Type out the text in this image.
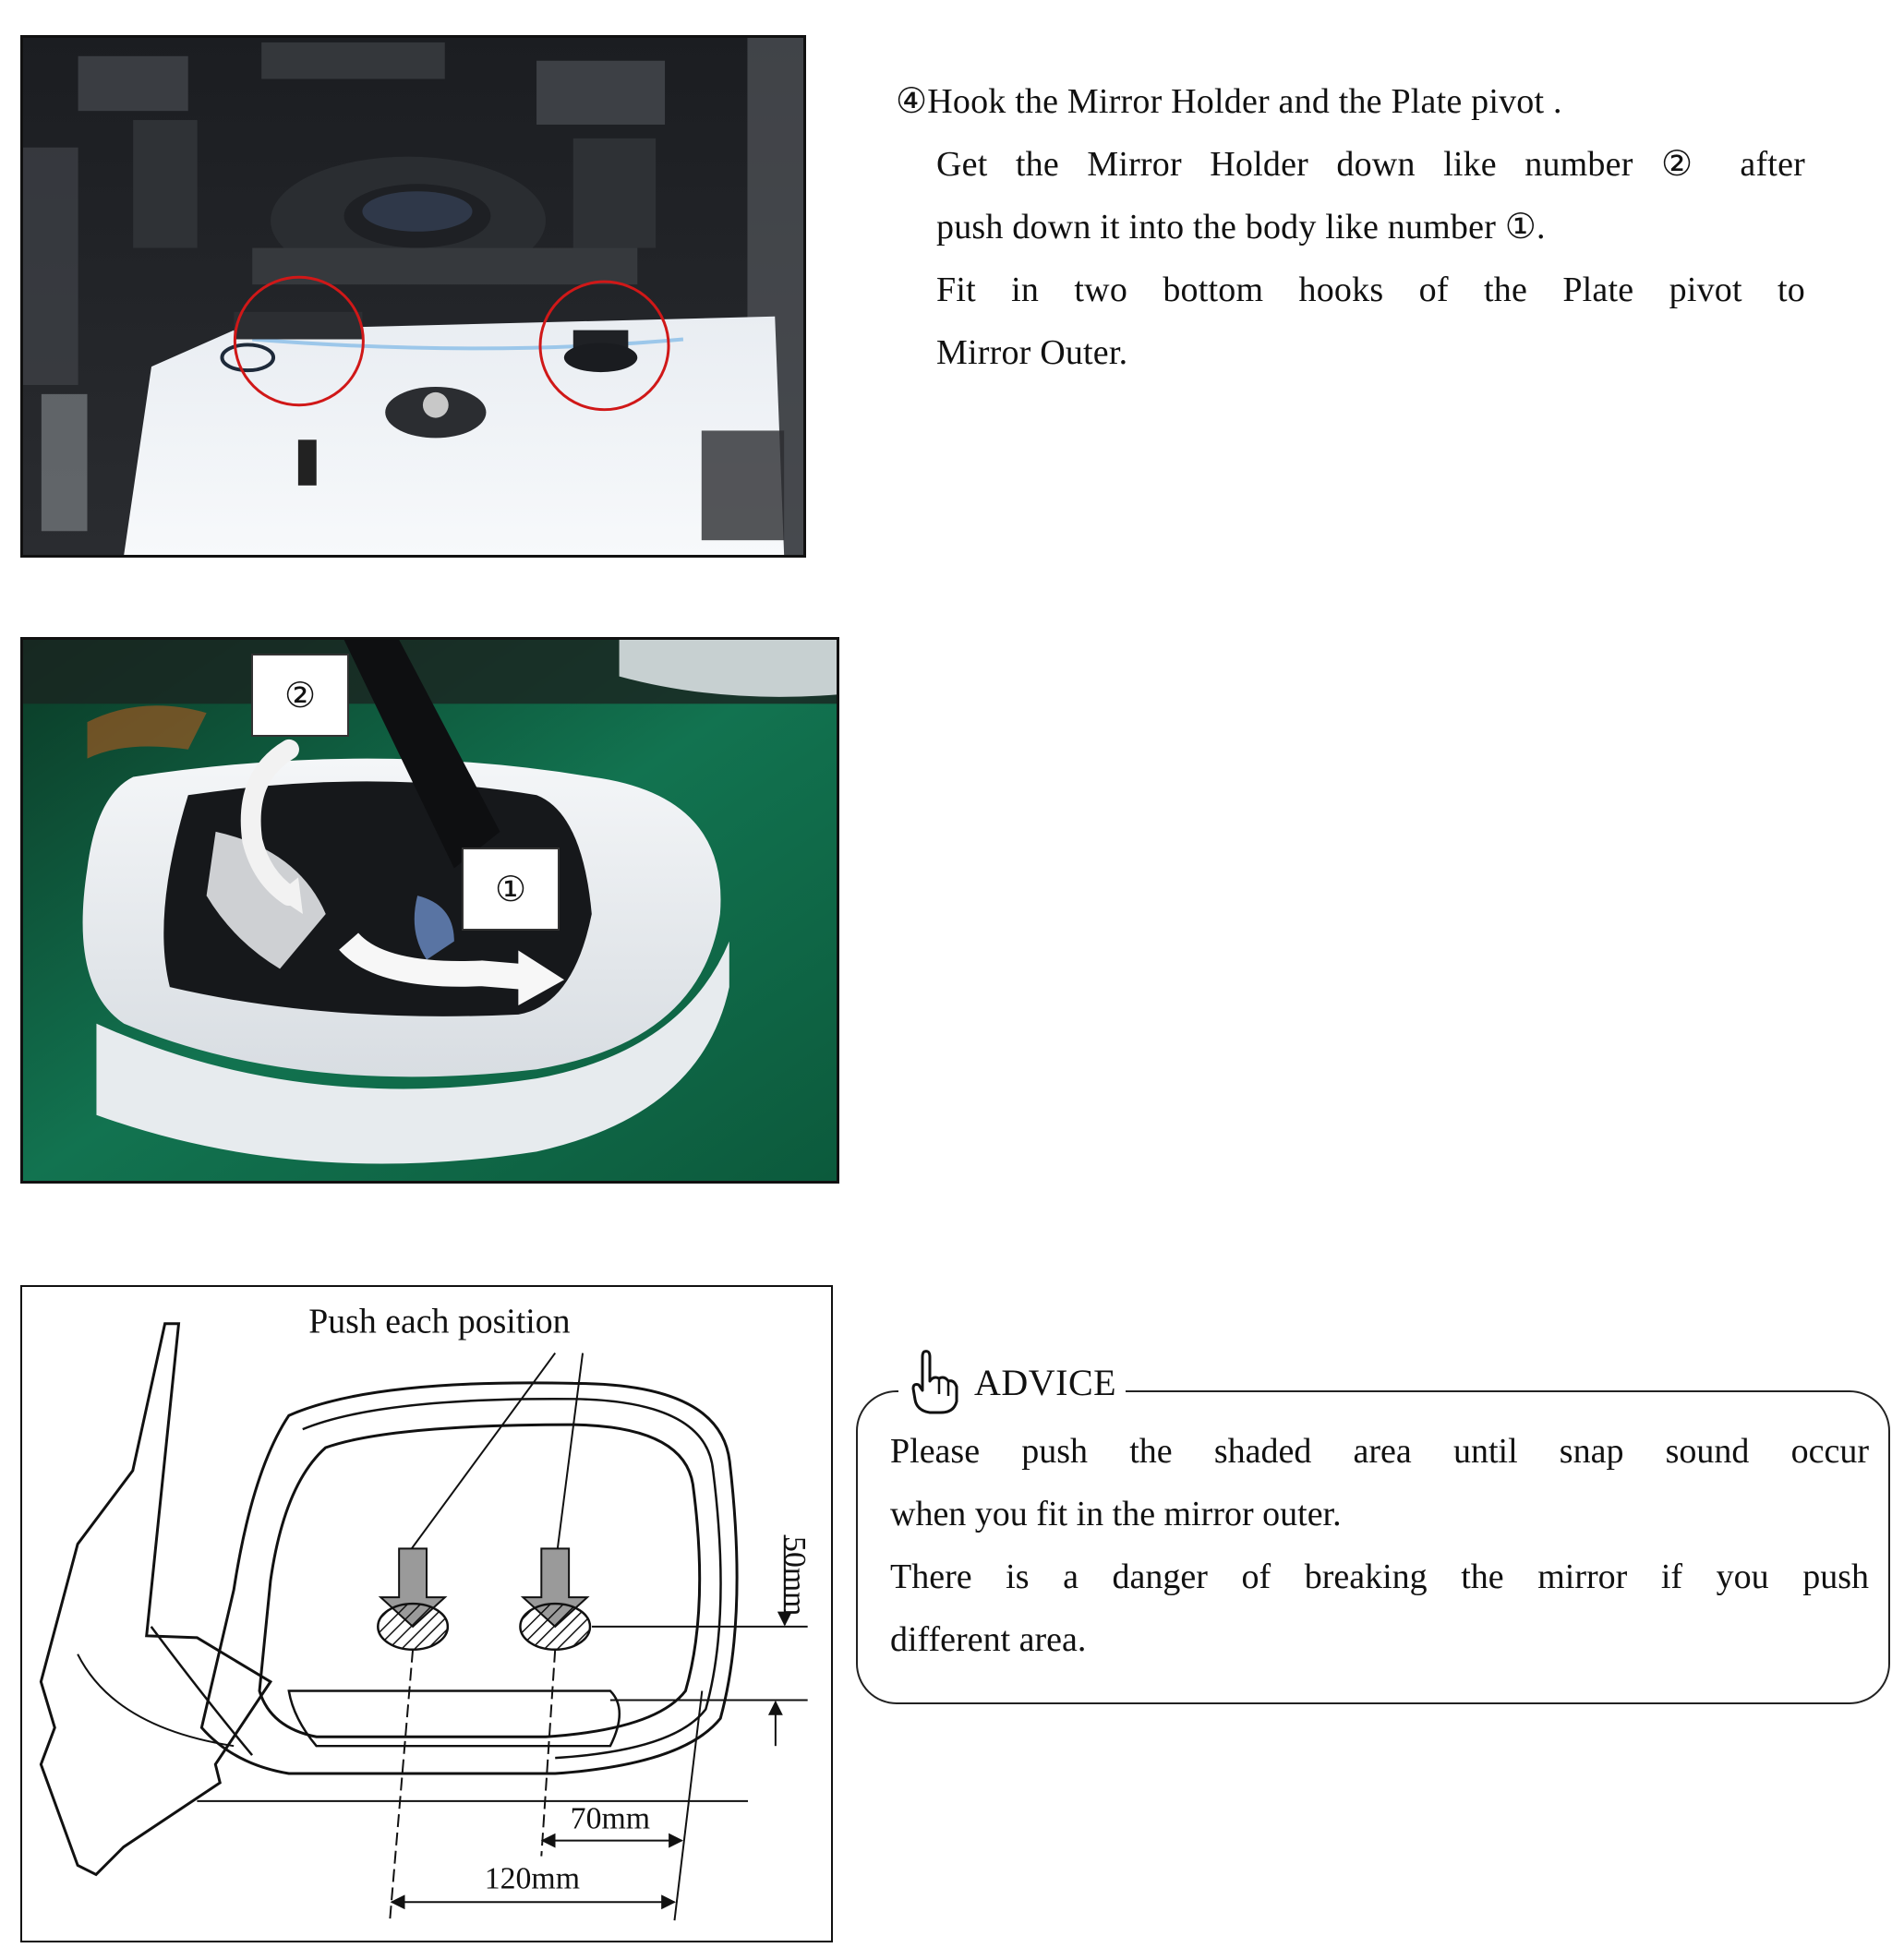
②
①

④Hook the Mirror Holder and the Plate pivot .

Get the Mirror Holder down like number ② after

push down it into the body like number ①.

Fit in two bottom hooks of the Plate pivot to

Mirror Outer.

Push each position
50mm
70mm
120mm
ADVICE

Please push the shaded area until snap sound occur

when you fit in the mirror outer.

There is a danger of breaking the mirror if you push

different area.
